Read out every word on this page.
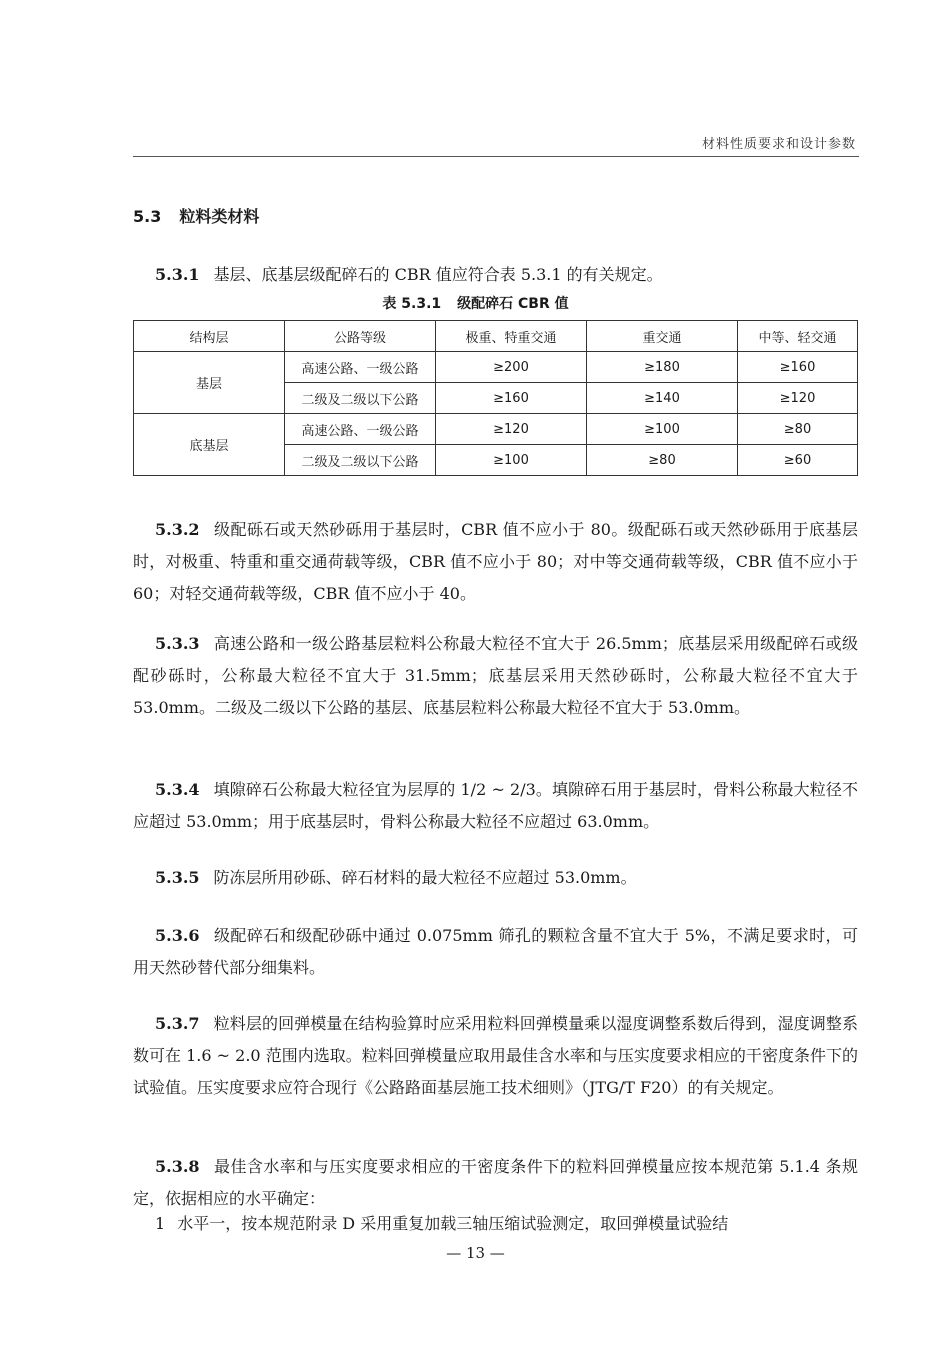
材料性质要求和设计参数
5.3 粒料类材料
5.3.1 基层、底基层级配碎石的 CBR 值应符合表 5.3.1 的有关规定。
表 5.3.1 级配碎石 CBR 值
结构层	公路等级	极重、特重交通	重交通	中等、轻交通
基层	高速公路、一级公路	≥200	≥180	≥160
	二级及二级以下公路	≥160	≥140	≥120
底基层	高速公路、一级公路	≥120	≥100	≥80
	二级及二级以下公路	≥100	≥80	≥60
5.3.2 级配砾石或天然砂砾用于基层时，CBR 值不应小于 80。级配砾石或天然砂砾用于底基层时，对极重、特重和重交通荷载等级，CBR 值不应小于 80；对中等交通荷载等级，CBR 值不应小于 60；对轻交通荷载等级，CBR 值不应小于 40。
5.3.3 高速公路和一级公路基层粒料公称最大粒径不宜大于 26.5mm；底基层采用级配碎石或级配砂砾时，公称最大粒径不宜大于 31.5mm；底基层采用天然砂砾时，公称最大粒径不宜大于 53.0mm。二级及二级以下公路的基层、底基层粒料公称最大粒径不宜大于 53.0mm。
5.3.4 填隙碎石公称最大粒径宜为层厚的 1/2 ~ 2/3。填隙碎石用于基层时，骨料公称最大粒径不应超过 53.0mm；用于底基层时，骨料公称最大粒径不应超过 63.0mm。
5.3.5 防冻层所用砂砾、碎石材料的最大粒径不应超过 53.0mm。
5.3.6 级配碎石和级配砂砾中通过 0.075mm 筛孔的颗粒含量不宜大于 5%，不满足要求时，可用天然砂替代部分细集料。
5.3.7 粒料层的回弹模量在结构验算时应采用粒料回弹模量乘以湿度调整系数后得到，湿度调整系数可在 1.6 ~ 2.0 范围内选取。粒料回弹模量应取用最佳含水率和与压实度要求相应的干密度条件下的试验值。压实度要求应符合现行《公路路面基层施工技术细则》（JTG/T F20）的有关规定。
5.3.8 最佳含水率和与压实度要求相应的干密度条件下的粒料回弹模量应按本规范第 5.1.4 条规定，依据相应的水平确定：
1 水平一，按本规范附录 D 采用重复加载三轴压缩试验测定，取回弹模量试验结
— 13 —
